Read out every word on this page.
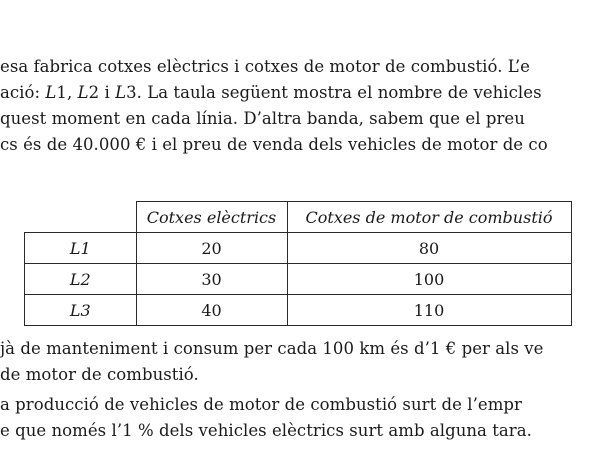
esa fabrica cotxes elèctrics i cotxes de motor de combustió. L’e
ació: L1, L2 i L3. La taula següent mostra el nombre de vehicles
quest moment en cada línia. D’altra banda, sabem que el preu
cs és de 40.000 € i el preu de venda dels vehicles de motor de co
	Cotxes elèctrics	Cotxes de motor de combustió
L1	20	80
L2	30	100
L3	40	110
jà de manteniment i consum per cada 100 km és d’1 € per als ve
de motor de combustió.
a producció de vehicles de motor de combustió surt de l’empr
e que només l’1 % dels vehicles elèctrics surt amb alguna tara.
